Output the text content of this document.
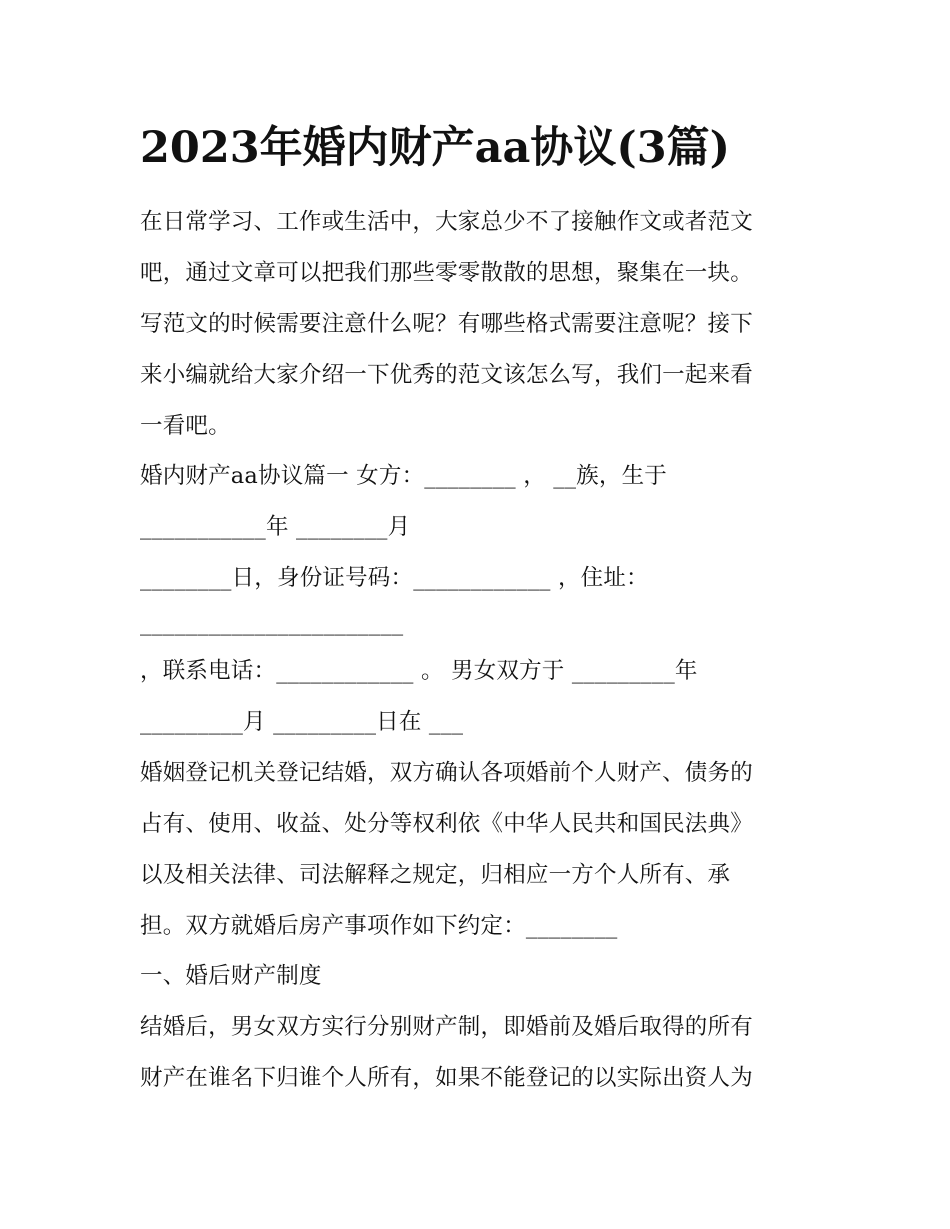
2023年婚内财产aa协议(3篇)
在日常学习、工作或生活中，大家总少不了接触作文或者范文
吧，通过文章可以把我们那些零零散散的思想，聚集在一块。
写范文的时候需要注意什么呢？有哪些格式需要注意呢？接下
来小编就给大家介绍一下优秀的范文该怎么写，我们一起来看
一看吧。
婚内财产aa协议篇一 女方：________ ， __族，生于
___________年 ________月
________日，身份证号码：____________ ，住址：
_______________________
，联系电话：____________ 。 男女双方于 _________年
_________月 _________日在 ___
婚姻登记机关登记结婚，双方确认各项婚前个人财产、债务的
占有、使用、收益、处分等权利依《中华人民共和国民法典》
以及相关法律、司法解释之规定，归相应一方个人所有、承
担。双方就婚后房产事项作如下约定：________
一、婚后财产制度
结婚后，男女双方实行分别财产制，即婚前及婚后取得的所有
财产在谁名下归谁个人所有，如果不能登记的以实际出资人为
